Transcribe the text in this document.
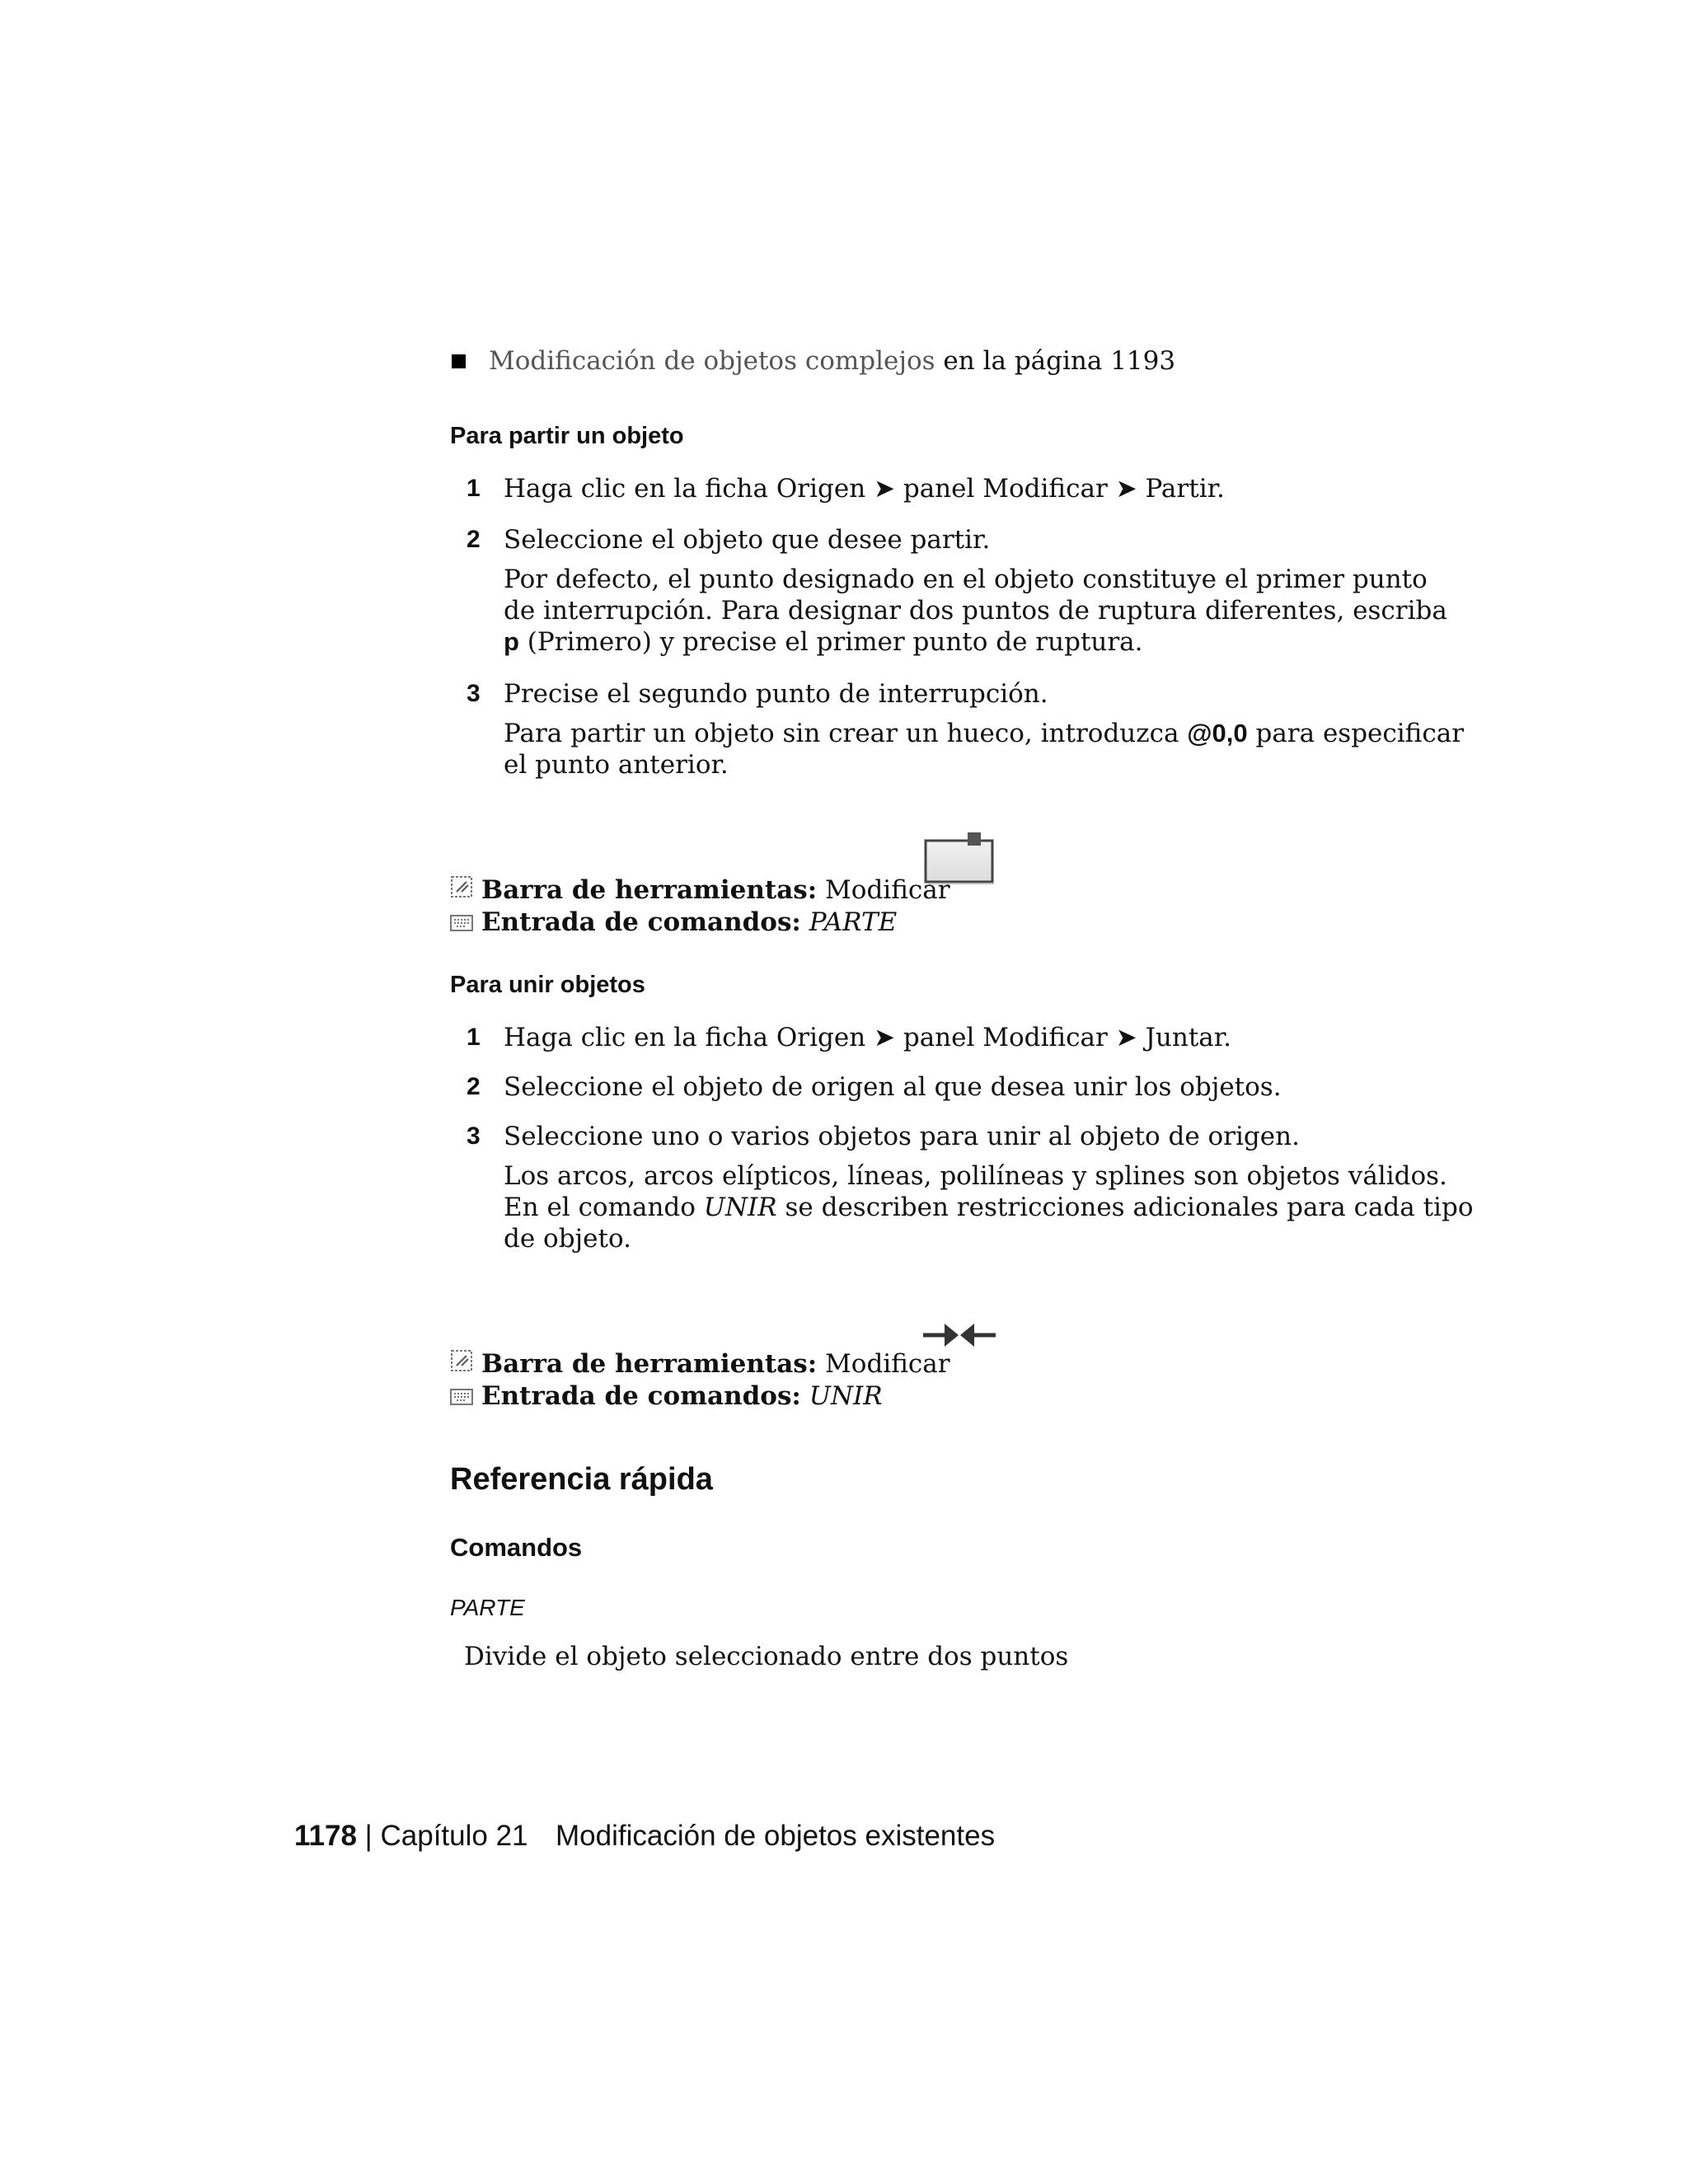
Modificación de objetos complejos en la página 1193
Para partir un objeto
1 Haga clic en la ficha Origen ➤ panel Modificar ➤ Partir.
2 Seleccione el objeto que desee partir.
Por defecto, el punto designado en el objeto constituye el primer punto
de interrupción. Para designar dos puntos de ruptura diferentes, escriba
p (Primero) y precise el primer punto de ruptura.
3 Precise el segundo punto de interrupción.
Para partir un objeto sin crear un hueco, introduzca @0,0 para especificar
el punto anterior.
Barra de herramientas: Modificar
Entrada de comandos: PARTE
Para unir objetos
1 Haga clic en la ficha Origen ➤ panel Modificar ➤ Juntar.
2 Seleccione el objeto de origen al que desea unir los objetos.
3 Seleccione uno o varios objetos para unir al objeto de origen.
Los arcos, arcos elípticos, líneas, polilíneas y splines son objetos válidos.
En el comando UNIR se describen restricciones adicionales para cada tipo
de objeto.
Barra de herramientas: Modificar
Entrada de comandos: UNIR
Referencia rápida
Comandos
PARTE
Divide el objeto seleccionado entre dos puntos
1178 | Capítulo 21 Modificación de objetos existentes
